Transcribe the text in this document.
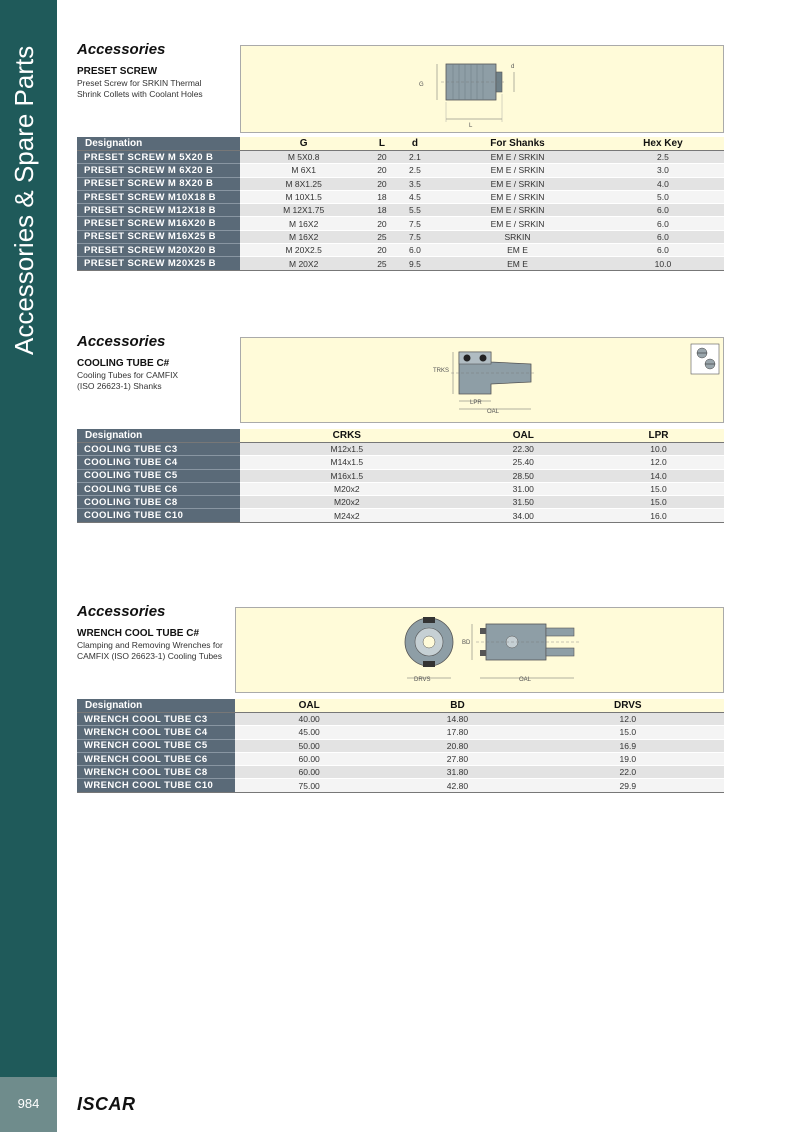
Accessories & Spare Parts
984	ISCAR
Accessories
PRESET SCREW
Preset Screw for SRKIN Thermal
Shrink Collets with Coolant Holes
G
L
d
Designation	G	L	d	For Shanks	Hex Key
PRESET SCREW M 5X20 B	M 5X0.8	20	2.1	EM E / SRKIN	2.5
PRESET SCREW M 6X20 B	M 6X1	20	2.5	EM E / SRKIN	3.0
PRESET SCREW M 8X20 B	M 8X1.25	20	3.5	EM E / SRKIN	4.0
PRESET SCREW M10X18 B	M 10X1.5	18	4.5	EM E / SRKIN	5.0
PRESET SCREW M12X18 B	M 12X1.75	18	5.5	EM E / SRKIN	6.0
PRESET SCREW M16X20 B	M 16X2	20	7.5	EM E / SRKIN	6.0
PRESET SCREW M16X25 B	M 16X2	25	7.5	SRKIN	6.0
PRESET SCREW M20X20 B	M 20X2.5	20	6.0	EM E	6.0
PRESET SCREW M20X25 B	M 20X2	25	9.5	EM E	10.0
Accessories
COOLING TUBE C#
Cooling Tubes for CAMFIX
(ISO 26623-1) Shanks
TRKS
LPR
OAL
Designation	CRKS	OAL	LPR
COOLING TUBE C3	M12x1.5	22.30	10.0
COOLING TUBE C4	M14x1.5	25.40	12.0
COOLING TUBE C5	M16x1.5	28.50	14.0
COOLING TUBE C6	M20x2	31.00	15.0
COOLING TUBE C8	M20x2	31.50	15.0
COOLING TUBE C10	M24x2	34.00	16.0
Accessories
WRENCH COOL TUBE C#
Clamping and Removing Wrenches for
CAMFIX (ISO 26623-1) Cooling Tubes
BD
DRVS	OAL
Designation	OAL	BD	DRVS
WRENCH COOL TUBE C3	40.00	14.80	12.0
WRENCH COOL TUBE C4	45.00	17.80	15.0
WRENCH COOL TUBE C5	50.00	20.80	16.9
WRENCH COOL TUBE C6	60.00	27.80	19.0
WRENCH COOL TUBE C8	60.00	31.80	22.0
WRENCH COOL TUBE C10	75.00	42.80	29.9
